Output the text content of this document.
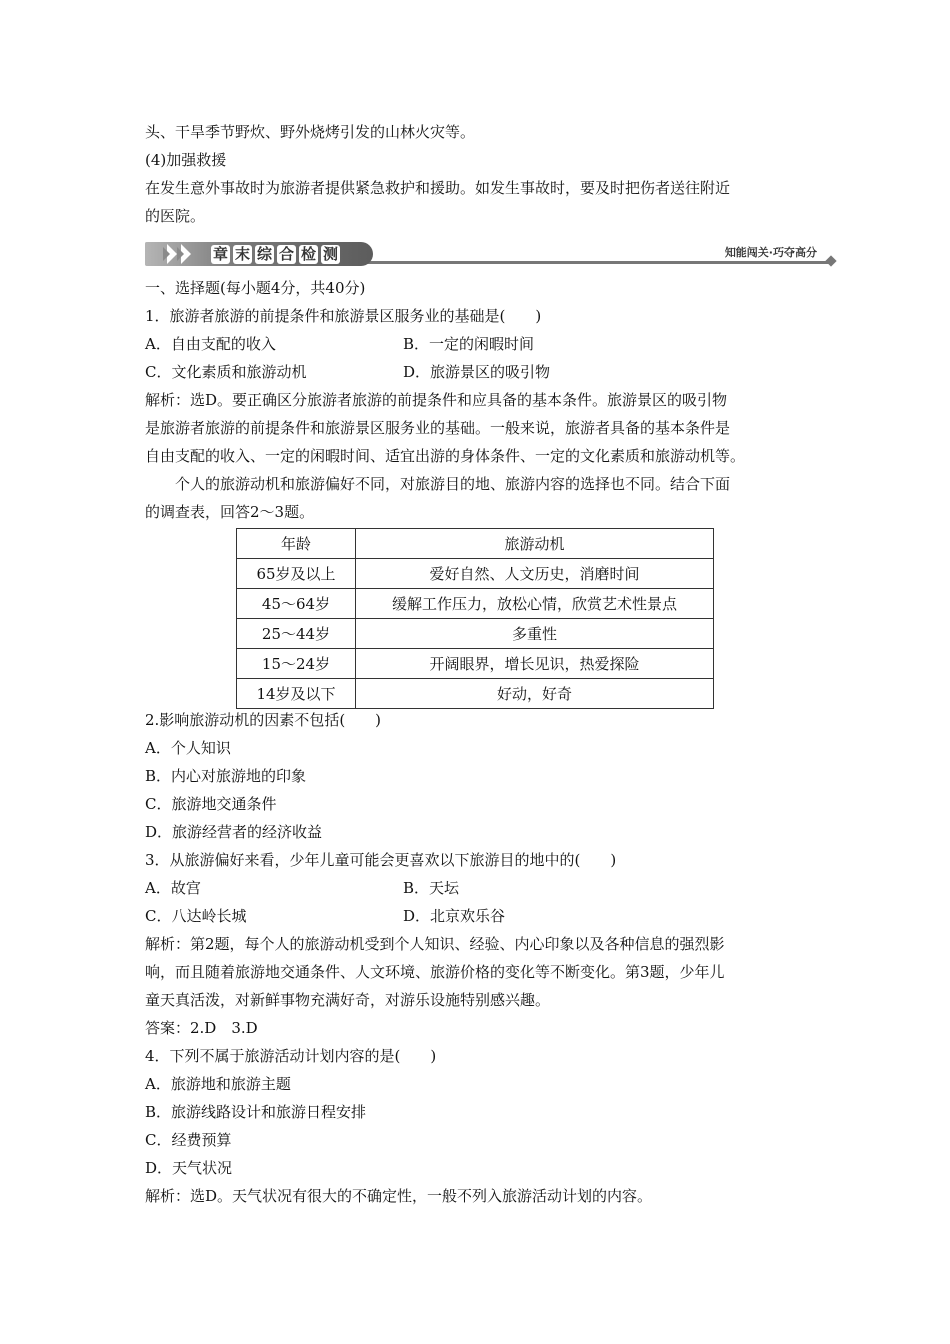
头、干旱季节野炊、野外烧烤引发的山林火灾等。
(4)加强救援
在发生意外事故时为旅游者提供紧急救护和援助。如发生事故时，要及时把伤者送往附近
的医院。
章 末 综 合 检 测	知能闯关·巧夺高分
一、选择题(每小题4分，共40分)
1．旅游者旅游的前提条件和旅游景区服务业的基础是(　　)
A．自由支配的收入	B．一定的闲暇时间
C．文化素质和旅游动机	D．旅游景区的吸引物
解析：选D。要正确区分旅游者旅游的前提条件和应具备的基本条件。旅游景区的吸引物
是旅游者旅游的前提条件和旅游景区服务业的基础。一般来说，旅游者具备的基本条件是
自由支配的收入、一定的闲暇时间、适宜出游的身体条件、一定的文化素质和旅游动机等。
个人的旅游动机和旅游偏好不同，对旅游目的地、旅游内容的选择也不同。结合下面
的调查表，回答2～3题。
年龄	旅游动机
65岁及以上	爱好自然、人文历史，消磨时间
45～64岁	缓解工作压力，放松心情，欣赏艺术性景点
25～44岁	多重性
15～24岁	开阔眼界，增长见识，热爱探险
14岁及以下	好动，好奇
2.影响旅游动机的因素不包括(　　)
A．个人知识
B．内心对旅游地的印象
C．旅游地交通条件
D．旅游经营者的经济收益
3．从旅游偏好来看，少年儿童可能会更喜欢以下旅游目的地中的(　　)
A．故宫	B．天坛
C．八达岭长城	D．北京欢乐谷
解析：第2题，每个人的旅游动机受到个人知识、经验、内心印象以及各种信息的强烈影
响，而且随着旅游地交通条件、人文环境、旅游价格的变化等不断变化。第3题，少年儿
童天真活泼，对新鲜事物充满好奇，对游乐设施特别感兴趣。
答案：2.D　3.D
4．下列不属于旅游活动计划内容的是(　　)
A．旅游地和旅游主题
B．旅游线路设计和旅游日程安排
C．经费预算
D．天气状况
解析：选D。天气状况有很大的不确定性，一般不列入旅游活动计划的内容。
